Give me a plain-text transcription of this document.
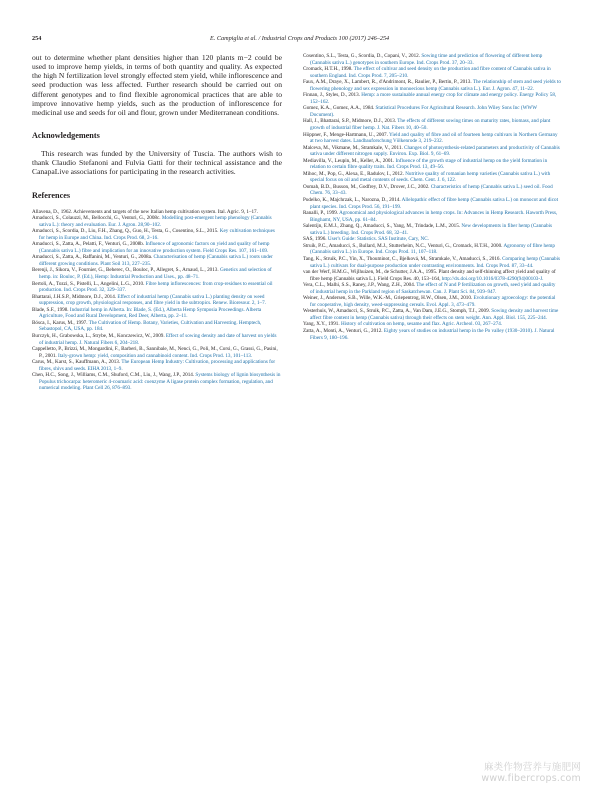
254	E. Campiglia et al. / Industrial Crops and Products 100 (2017) 246–254

out to determine whether plant densities higher than 120 plants m−2 could be used to improve hemp yields, in terms of both quantity and quality. As expected the high N fertilization level strongly effected stem yield, while inflorescence and seed production was less affected. Further research should be carried out on different genotypes and to find flexible agronomical practices that are able to improve innovative hemp yields, such as the production of inflorescence for medicinal use and seeds for oil and flour, grown under Mediterranean conditions.

Acknowledgements

This research was funded by the University of Tuscia. The authors wish to thank Claudio Stefanoni and Fulvia Gatti for their technical assistance and the CanapaLive associations for participating in the research activities.

References
Allavena, D., 1962. Achievements and targets of the new Italian hemp cultivation system. Ital. Agric. 9, 1–17.
Amaducci, S., Colauzzi, M., Bellocchi, G., Venturi, G., 2008c. Modelling post-emergent hemp phenology (Cannabis sativa L.): theory and evaluation. Eur. J. Agron. 28,90–102.
Amaducci, S., Scordia, D., Liu, F.H., Zhang, Q., Guo, H., Testa, G., Cosentino, S.L., 2015. Key cultivation techniques for hemp in Europe and China. Ind. Crops Prod. 68, 2–16.
Amaducci, S., Zatta, A., Pelatti, F., Venturi, G., 2008b. Influence of agronomic factors on yield and quality of hemp (Cannabis sativa L.) fibre and implication for an innovative production system. Field Crops Res. 107, 161–169.
Amaducci, S., Zatta, A., Raffanini, M., Venturi, G., 2008a. Characterisation of hemp (Cannabis sativa L.) roots under different growing conditions. Plant Soil 313, 227–235.
Berenji, J., Sikora, V., Fournier, G., Beherec, O., Bouloc, P., Allegret, S., Arnaud, L., 2013. Genetics and selection of hemp. in: Bouloc, P. (Ed.), Hemp: Industrial Production and Uses., pp. 48–71.
Bertoli, A., Tozzi, S., Pistelli, L., Angelini, L.G., 2010. Fibre hemp inflorescences: from crop-residues to essential oil production. Ind. Crops Prod. 32, 329–337.
Bhattarai, J.H.S.P., Midmore, D.J., 2014. Effect of industrial hemp (Cannabis sativa L.) planting density on weed suppression, crop growth, physiological responses, and fibre yield in the subtropics. Renew. Bioresour. 2, 1–7.
Blade, S.F., 1998. Industrial hemp in Alberta. In: Blade, S. (Ed.), Alberta Hemp Symposia Proceedings. Alberta Agriculture, Food and Rural Development, Red Deer, Alberta, pp. 2–11.
Bósca, I., Karus, M., 1997. The Cultivation of Hemp. Botany, Varieties, Cultivation and Harvesting. Hemptech, Sebastopol, CA, USA, pp. 184.
Burczyk, H., Grabowska, L., Strybe, M., Konczewicz, W., 2009. Effect of sowing density and date of harvest on yields of industrial hemp. J. Natural Fibers 6, 204–218.
Cappelletto, P., Brizzi, M., Mongardini, F., Barberi, B., Sannibale, M., Nenci, G., Poli, M., Corsi, G., Grassi, G., Pasini, P., 2001. Italy-grown hemp: yield, composition and cannabinoid content. Ind. Crops Prod. 13, 101–113.
Carus, M., Karst, S., Kauffmann, A., 2013. The European Hemp Industry: Cultivation, processing and applications for fibres, shivs and seeds. EIHA 2013, 1–9.
Chen, H.C., Song, J., Williams, C.M., Shuford, C.M., Liu, J., Wang, J.P., 2014. Systems biology of lignin biosynthesis in Populus trichocarpa: heteromeric 4-coumaric acid: coenzyme A ligase protein complex formation, regulation, and numerical modeling. Plant Cell 26, 876–893.
Cosentino, S.L., Testa, G., Scordia, D., Copani, V., 2012. Sowing time and prediction of flowering of different hemp (Cannabis sativa L.) genotypes in southern Europe. Ind. Crops Prod. 37, 20–33.
Cromack, H.T.H., 1998. The effect of cultivar and seed density on the production and fibre content of Cannabis sativa in southern England. Ind. Crops Prod. 7, 205–210.
Faux, A.M., Draye, X., Lambert, R., d'Andrimont, R., Raulier, P., Bertin, P., 2013. The relationship of stem and seed yields to flowering phenology and sex expression in monoecious hemp (Cannabis sativa L.). Eur. J. Agron. 47, 11–22.
Finnan, J., Styles, D., 2013. Hemp: a more sustainable annual energy crop for climate and energy policy. Energy Policy 58, 152–162.
Gomez, K.A., Gomez, A.A., 1984. Statistical Procedures For Agricultural Research. John Wiley Sons Inc (WWW Document).
Hall, J., Bhattarai, S.P., Midmore, D.J., 2013. The effects of different sowing times on maturity rates, biomass, and plant growth of industrial fiber hemp. J. Nat. Fibers 10, 40–50.
Höppner, F., Menge-Hartmann, U., 2007. Yield and quality of fibre and oil of fourteen hemp cultivars in Northern Germany at two harvest dates. Landbauforschung Völkenrode 3, 219–232.
Malceva, M., Vikmane, M., Stramkale, V., 2011. Changes of photosynthesis-related parameters and productivity of Cannabis sativa under different nitrogen supply. Environ. Exp. Biol. 9, 61–69.
Mediavilla, V., Leupin, M., Keller, A., 2001. Influence of the growth stage of industrial hemp on the yield formation in relation to certain fibre quality traits. Ind. Crops Prod. 13, 49–56.
Mihoc, M., Pop, G., Alexa, E., Radulov, I., 2012. Nutritive quality of romanian hemp varieties (Cannabis sativa L.) with special focus on oil and metal contents of seeds. Chem. Cent. J. 6, 122.
Oomah, B.D., Busson, M., Godfrey, D.V., Drover, J.C., 2002. Characteristics of hemp (Cannabis sativa L.) seed oil. Food Chem. 76, 33–43.
Pudelko, K., Majchrzak, L., Narozna, D., 2014. Allelopathic effect of fibre hemp (Cannabis sativa L.) on monocot and dicot plant species. Ind. Crops Prod. 56, 191–199.
Ranalli, P., 1999. Agronomical and physiological advances in hemp crops. In: Advances in Hemp Research. Haworth Press, Binghamt, NY, USA, pp. 61–84.
Salentijn, E.M.J., Zhang, Q., Amaducci, S., Yang, M., Trindade, L.M., 2015. New developments in fiber hemp (Cannabis sativa L.) breeding. Ind. Crops Prod. 68, 32–41.
SAS, 1996. User's Guide: Statistics. SAS Institute, Cary, NC.
Struik, P.C., Amaducci, S., Bullard, M.J., Stutterheim, N.C., Venturi, G., Cromack, H.T.H., 2000. Agronomy of fibre hemp (Cannabis sativa L.) in Europe. Ind. Crops Prod. 11, 107–118.
Tang, K., Struik, P.C., Yin, X., Thouminot, C., Bjelková, M., Stramkale, V., Amaducci, S., 2016. Comparing hemp (Cannabis sativa L.) cultivars for dual-purpose production under contrasting environments. Ind. Crops Prod. 87, 33–44.
van der Werf, H.M.G., Wijlhuizen, M., de Schutter, J.A.A., 1995. Plant density and self-thinning affect yield and quality of fibre hemp (Cannabis sativa L.). Field Crops Res. 40, 153–164, http://dx.doi.org/10.1016/0378-4290(94)00103-J.
Vera, C.L., Malhi, S.S., Raney, J.P., Wang, Z.H., 2004. The effect of N and P fertilization on growth, seed yield and quality of industrial hemp in the Parkland region of Saskatchewan. Can. J. Plant Sci. 84, 939–947.
Weiner, J., Andersen, S.B., Wille, W.K.-M., Griepentrog, H.W., Olsen, J.M., 2010. Evolutionary agroecology: the potential for cooperative, high density, weed-suppressing cereals. Evol. Appl. 3, 473–479.
Westerhuis, W., Amaducci, S., Struik, P.C., Zatta, A., Van Dam, J.E.G., Stomph, T.J., 2009. Sowing density and harvest time affect fibre content in hemp (Cannabis sativa) through their effects on stem weight. Ann. Appl. Biol. 155, 225–244.
Yang, X.Y., 1991. History of cultivation on hemp, sesame and flax. Agric. Archeol. 03, 267–274.
Zatta, A., Monti, A., Venturi, G., 2012. Eighty years of studies on industrial hemp in the Po valley (1930–2010). J. Natural Fibers 9, 180–196.
麻类作物营养与施肥网
www.fibercrops.com
